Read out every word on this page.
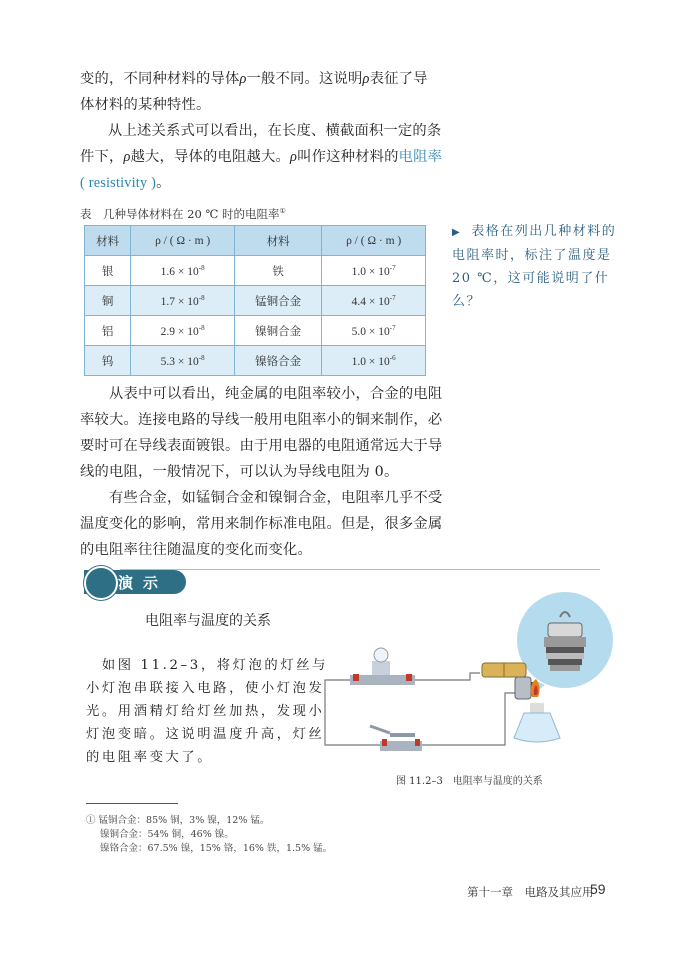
变的，不同种材料的导体ρ一般不同。这说明ρ表征了导
体材料的某种特性。
从上述关系式可以看出，在长度、横截面积一定的条
件下，ρ越大，导体的电阻越大。ρ叫作这种材料的电阻率
( resistivity )。
表　几种导体材料在 20 ℃ 时的电阻率①
材料	ρ / ( Ω · m )	材料	ρ / ( Ω · m )
银	$1.6 \times 10^{-8}$	铁	$1.0 \times 10^{-7}$
铜	$1.7 \times 10^{-8}$	锰铜合金	$4.4 \times 10^{-7}$
铝	$2.9 \times 10^{-8}$	镍铜合金	$5.0 \times 10^{-7}$
钨	$5.3 \times 10^{-8}$	镍铬合金	$1.0 \times 10^{-6}$
▶ 表格在列出几种材料的电阻率时，标注了温度是20 ℃，这可能说明了什么？
　　从表中可以看出，纯金属的电阻率较小，合金的电阻
率较大。连接电路的导线一般用电阻率小的铜来制作，必
要时可在导线表面镀银。由于用电器的电阻通常远大于导
线的电阻，一般情况下，可以认为导线电阻为 0。
　　有些合金，如锰铜合金和镍铜合金，电阻率几乎不受
温度变化的影响，常用来制作标准电阻。但是，很多金属
的电阻率往往随温度的变化而变化。
演示
电阻率与温度的关系
　如图 11.2–3，将灯泡的灯丝与
小灯泡串联接入电路，使小灯泡发
光。用酒精灯给灯丝加热，发现小
灯泡变暗。这说明温度升高，灯丝
的电阻率变大了。
图 11.2–3　电阻率与温度的关系
① 锰铜合金：85% 铜，3% 镍，12% 锰。
镍铜合金：54% 铜，46% 镍。
镍铬合金：67.5% 镍，15% 铬，16% 铁，1.5% 锰。
第十一章　电路及其应用
59
